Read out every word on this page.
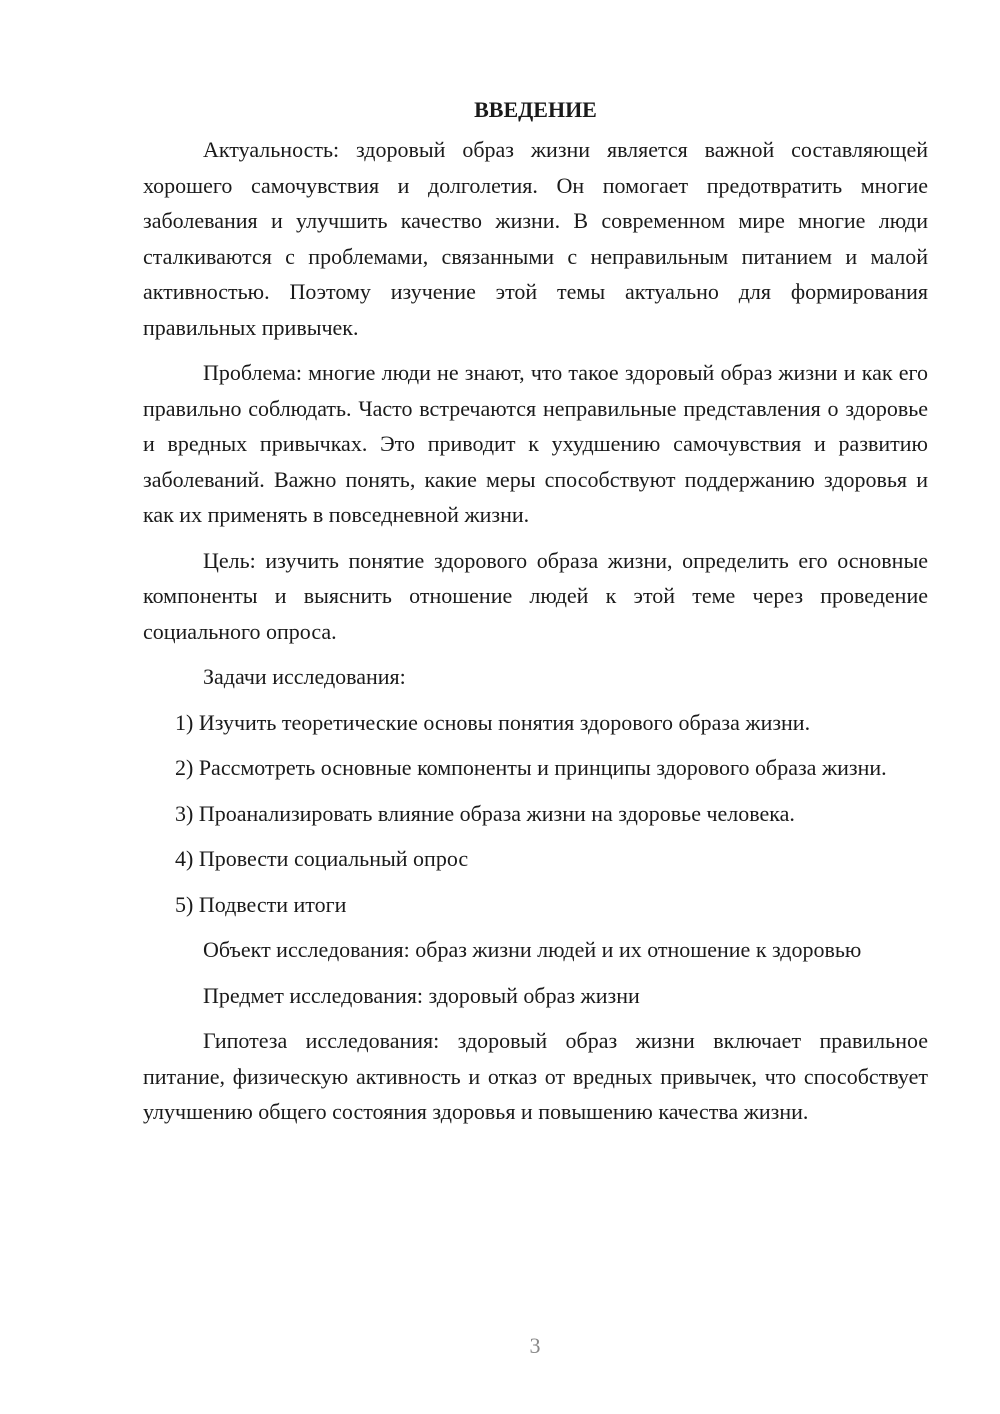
ВВЕДЕНИЕ

Актуальность: здоровый образ жизни является важной составляющей хорошего самочувствия и долголетия. Он помогает предотвратить многие заболевания и улучшить качество жизни. В современном мире многие люди сталкиваются с проблемами, связанными с неправильным питанием и малой активностью. Поэтому изучение этой темы актуально для формирования правильных привычек.

Проблема: многие люди не знают, что такое здоровый образ жизни и как его правильно соблюдать. Часто встречаются неправильные представления о здоровье и вредных привычках. Это приводит к ухудшению самочувствия и развитию заболеваний. Важно понять, какие меры способствуют поддержанию здоровья и как их применять в повседневной жизни.

Цель: изучить понятие здорового образа жизни, определить его основные компоненты и выяснить отношение людей к этой теме через проведение социального опроса.

Задачи исследования:

1) Изучить теоретические основы понятия здорового образа жизни.

2) Рассмотреть основные компоненты и принципы здорового образа жизни.

3) Проанализировать влияние образа жизни на здоровье человека.

4) Провести социальный опрос

5) Подвести итоги

Объект исследования: образ жизни людей и их отношение к здоровью

Предмет исследования: здоровый образ жизни

Гипотеза исследования: здоровый образ жизни включает правильное питание, физическую активность и отказ от вредных привычек, что способствует улучшению общего состояния здоровья и повышению качества жизни.

3
